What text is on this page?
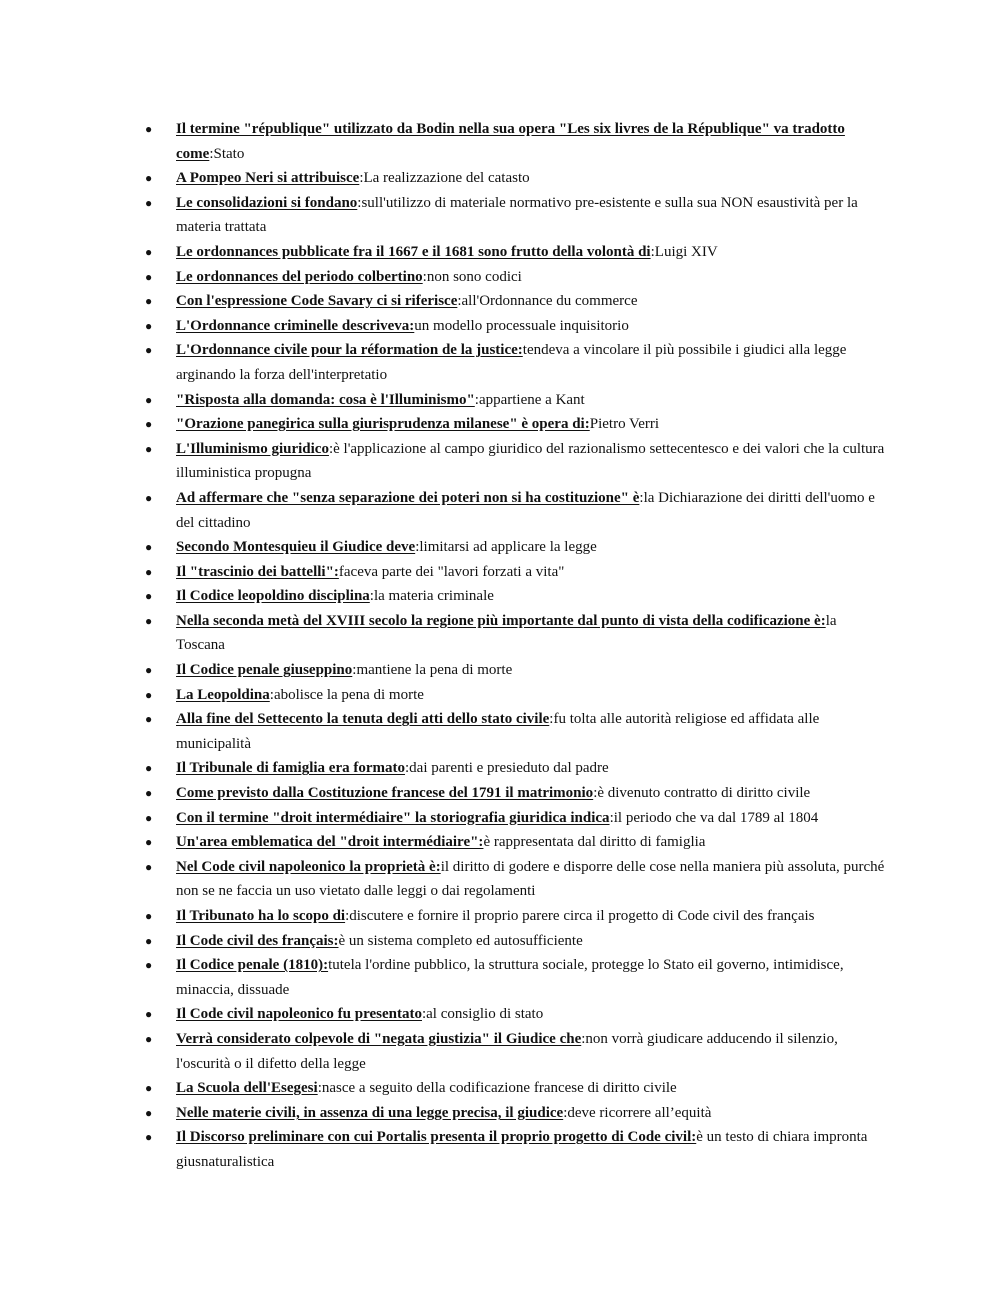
● Il termine "république" utilizzato da Bodin nella sua opera "Les six livres de la République" va tradotto come:Stato
● A Pompeo Neri si attribuisce:La realizzazione del catasto
● Le consolidazioni si fondano:sull'utilizzo di materiale normativo pre-esistente e sulla sua NON esaustività per la materia trattata
● Le ordonnances pubblicate fra il 1667 e il 1681 sono frutto della volontà di:Luigi XIV
● Le ordonnances del periodo colbertino:non sono codici
● Con l'espressione Code Savary ci si riferisce:all'Ordonnance du commerce
● L'Ordonnance criminelle descriveva:un modello processuale inquisitorio
● L'Ordonnance civile pour la réformation de la justice:tendeva a vincolare il più possibile i giudici alla legge arginando la forza dell'interpretatio
● "Risposta alla domanda: cosa è l'Illuminismo":appartiene a Kant
● "Orazione panegirica sulla giurisprudenza milanese" è opera di:Pietro Verri
● L'Illuminismo giuridico:è l'applicazione al campo giuridico del razionalismo settecentesco e dei valori che la cultura illuministica propugna
● Ad affermare che "senza separazione dei poteri non si ha costituzione" è:la Dichiarazione dei diritti dell'uomo e del cittadino
● Secondo Montesquieu il Giudice deve:limitarsi ad applicare la legge
● Il "trascinio dei battelli":faceva parte dei "lavori forzati a vita"
● Il Codice leopoldino disciplina:la materia criminale
● Nella seconda metà del XVIII secolo la regione più importante dal punto di vista della codificazione è:la Toscana
● Il Codice penale giuseppino:mantiene la pena di morte
● La Leopoldina:abolisce la pena di morte
● Alla fine del Settecento la tenuta degli atti dello stato civile:fu tolta alle autorità religiose ed affidata alle municipalità
● Il Tribunale di famiglia era formato:dai parenti e presieduto dal padre
● Come previsto dalla Costituzione francese del 1791 il matrimonio:è divenuto contratto di diritto civile
● Con il termine "droit intermédiaire" la storiografia giuridica indica:il periodo che va dal 1789 al 1804
● Un'area emblematica del "droit intermédiaire":è rappresentata dal diritto di famiglia
● Nel Code civil napoleonico la proprietà è:il diritto di godere e disporre delle cose nella maniera più assoluta, purché non se ne faccia un uso vietato dalle leggi o dai regolamenti
● Il Tribunato ha lo scopo di:discutere e fornire il proprio parere circa il progetto di Code civil des français
● Il Code civil des français:è un sistema completo ed autosufficiente
● Il Codice penale (1810):tutela l'ordine pubblico, la struttura sociale, protegge lo Stato eil governo, intimidisce, minaccia, dissuade
● Il Code civil napoleonico fu presentato:al consiglio di stato
● Verrà considerato colpevole di "negata giustizia" il Giudice che:non vorrà giudicare adducendo il silenzio, l'oscurità o il difetto della legge
● La Scuola dell'Esegesi:nasce a seguito della codificazione francese di diritto civile
● Nelle materie civili, in assenza di una legge precisa, il giudice:deve ricorrere all’equità
● Il Discorso preliminare con cui Portalis presenta il proprio progetto di Code civil:è un testo di chiara impronta giusnaturalistica
